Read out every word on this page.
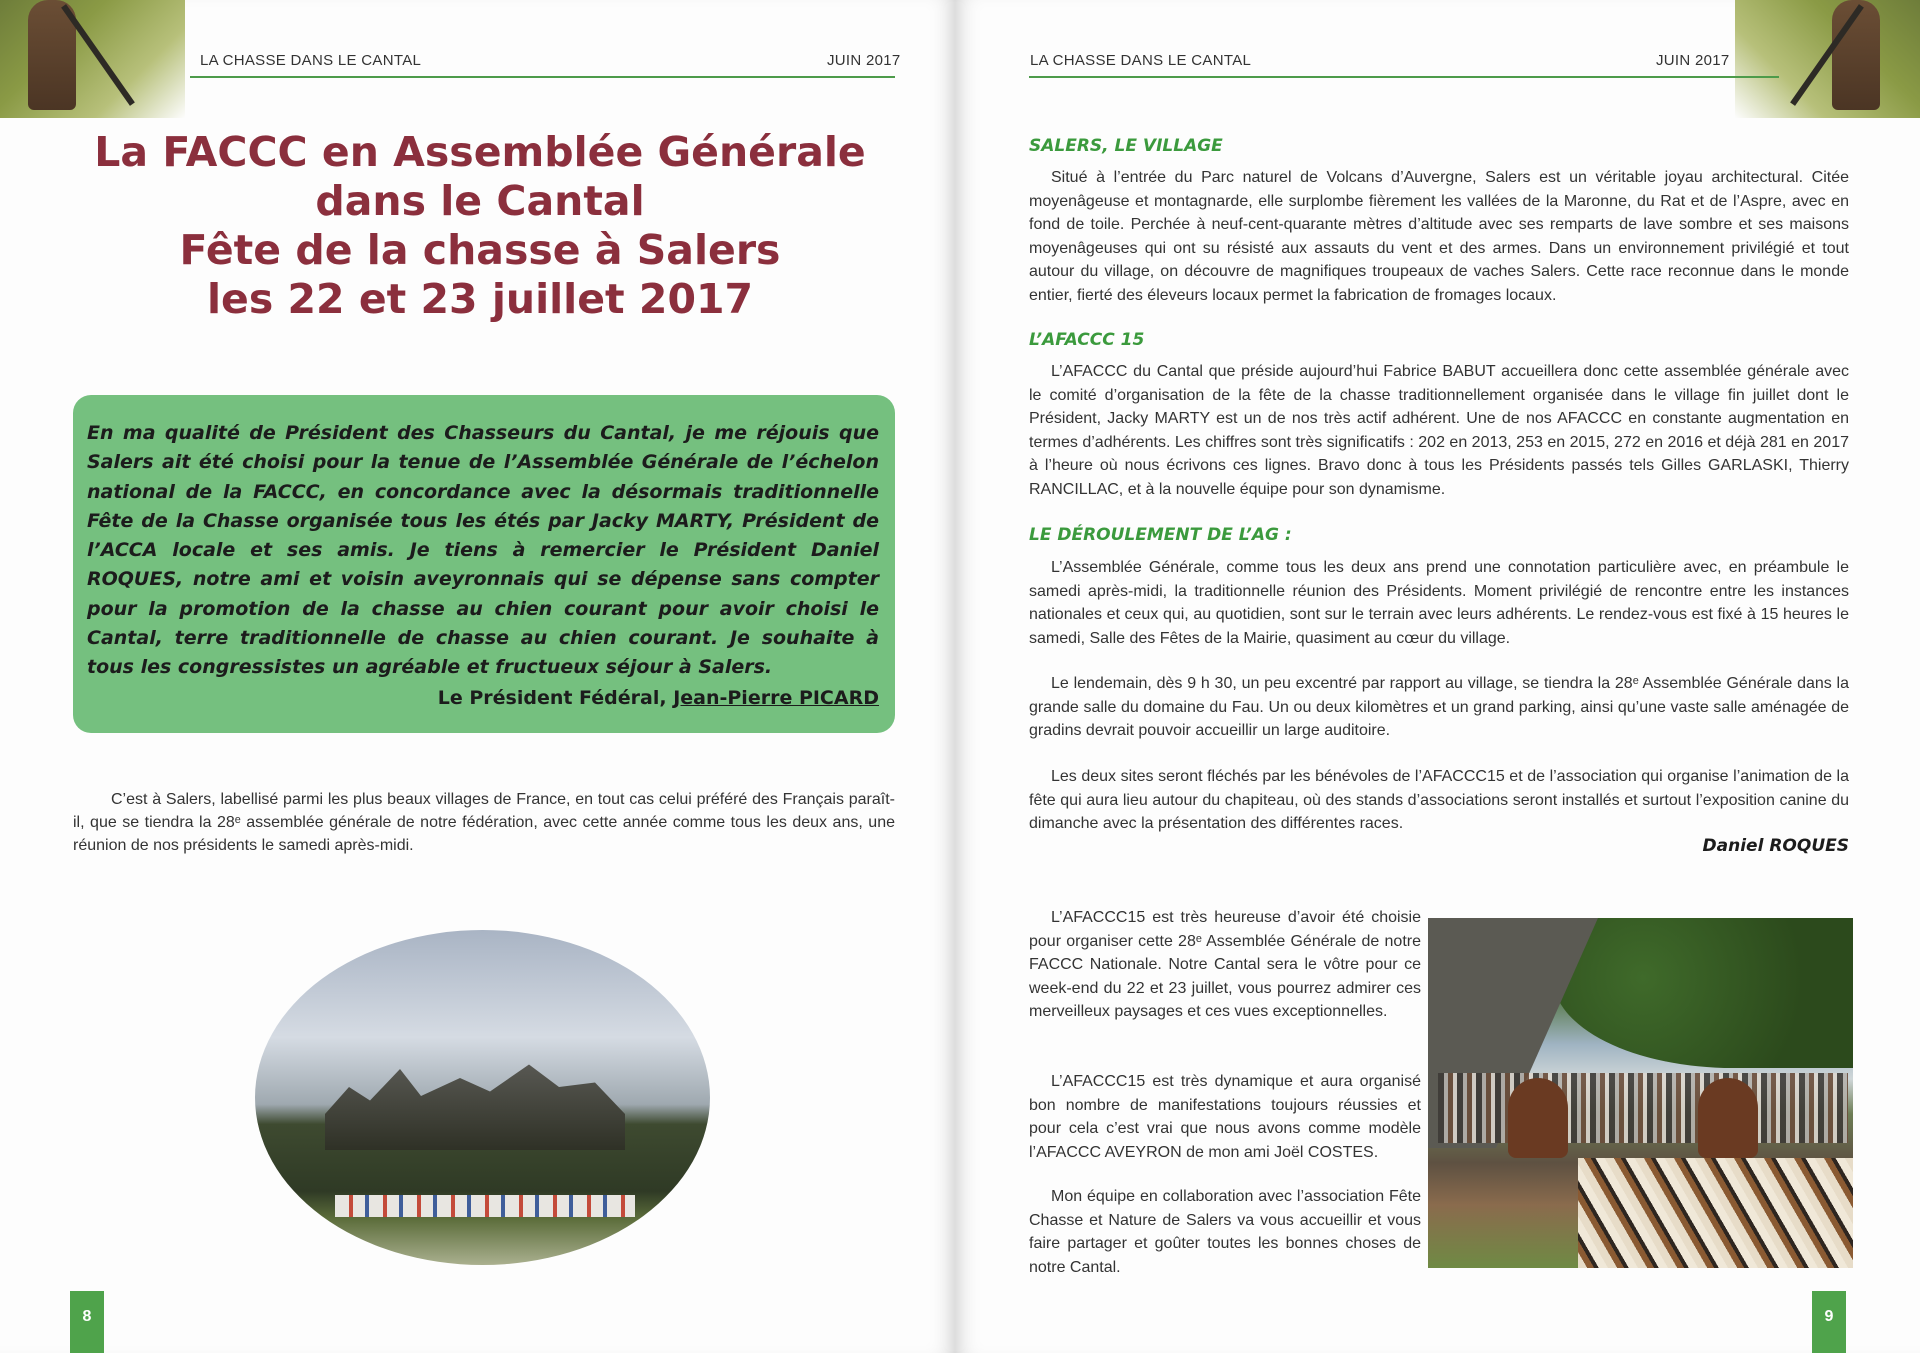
LA CHASSE DANS LE CANTAL	JUIN 2017
La FACCC en Assemblée Générale
dans le Cantal
Fête de la chasse à Salers
les 22 et 23 juillet 2017

En ma qualité de Président des Chasseurs du Cantal, je me réjouis que Salers ait été choisi pour la tenue de l’Assemblée Générale de l’échelon national de la FACCC, en concordance avec la désormais traditionnelle Fête de la Chasse organisée tous les étés par Jacky MARTY, Président de l’ACCA locale et ses amis. Je tiens à remercier le Président Daniel ROQUES, notre ami et voisin aveyronnais qui se dépense sans compter pour la promotion de la chasse au chien courant pour avoir choisi le Cantal, terre traditionnelle de chasse au chien courant. Je souhaite à tous les congressistes un agréable et fructueux séjour à Salers.

Le Président Fédéral, Jean-Pierre PICARD

C’est à Salers, labellisé parmi les plus beaux villages de France, en tout cas celui préféré des Français paraît-il, que se tiendra la 28ᵉ assemblée générale de notre fédération, avec cette année comme tous les deux ans, une réunion de nos présidents le samedi après-midi.

8
LA CHASSE DANS LE CANTAL	JUIN 2017
SALERS, LE VILLAGE

Situé à l’entrée du Parc naturel de Volcans d’Auvergne, Salers est un véritable joyau architectural. Citée moyenâgeuse et montagnarde, elle surplombe fièrement les vallées de la Maronne, du Rat et de l’Aspre, avec en fond de toile. Perchée à neuf-cent-quarante mètres d’altitude avec ses remparts de lave sombre et ses maisons moyenâgeuses qui ont su résisté aux assauts du vent et des armes. Dans un environnement privilégié et tout autour du village, on découvre de magnifiques troupeaux de vaches Salers. Cette race reconnue dans le monde entier, fierté des éleveurs locaux permet la fabrication de fromages locaux.

L’AFACCC 15

L’AFACCC du Cantal que préside aujourd’hui Fabrice BABUT accueillera donc cette assemblée générale avec le comité d’organisation de la fête de la chasse traditionnellement organisée dans le village fin juillet dont le Président, Jacky MARTY est un de nos très actif adhérent. Une de nos AFACCC en constante augmentation en termes d’adhérents. Les chiffres sont très significatifs : 202 en 2013, 253 en 2015, 272 en 2016 et déjà 281 en 2017 à l’heure où nous écrivons ces lignes. Bravo donc à tous les Présidents passés tels Gilles GARLASKI, Thierry RANCILLAC, et à la nouvelle équipe pour son dynamisme.

LE DÉROULEMENT DE L’AG :

L’Assemblée Générale, comme tous les deux ans prend une connotation particulière avec, en préambule le samedi après-midi, la traditionnelle réunion des Présidents. Moment privilégié de rencontre entre les instances nationales et ceux qui, au quotidien, sont sur le terrain avec leurs adhérents. Le rendez-vous est fixé à 15 heures le samedi, Salle des Fêtes de la Mairie, quasiment au cœur du village.

Le lendemain, dès 9 h 30, un peu excentré par rapport au village, se tiendra la 28ᵉ Assemblée Générale dans la grande salle du domaine du Fau. Un ou deux kilomètres et un grand parking, ainsi qu’une vaste salle aménagée de gradins devrait pouvoir accueillir un large auditoire.

Les deux sites seront fléchés par les bénévoles de l’AFACCC15 et de l’association qui organise l’animation de la fête qui aura lieu autour du chapiteau, où des stands d’associations seront installés et surtout l’exposition canine du dimanche avec la présentation des différentes races.

Daniel ROQUES

L’AFACCC15 est très heureuse d’avoir été choisie pour organiser cette 28ᵉ Assemblée Générale de notre FACCC Nationale. Notre Cantal sera le vôtre pour ce week-end du 22 et 23 juillet, vous pourrez admirer ces merveilleux paysages et ces vues exceptionnelles.

L’AFACCC15 est très dynamique et aura organisé bon nombre de manifestations toujours réussies et pour cela c’est vrai que nous avons comme modèle l’AFACCC AVEYRON de mon ami Joël COSTES.

Mon équipe en collaboration avec l’association Fête Chasse et Nature de Salers va vous accueillir et vous faire partager et goûter toutes les bonnes choses de notre Cantal.

9
